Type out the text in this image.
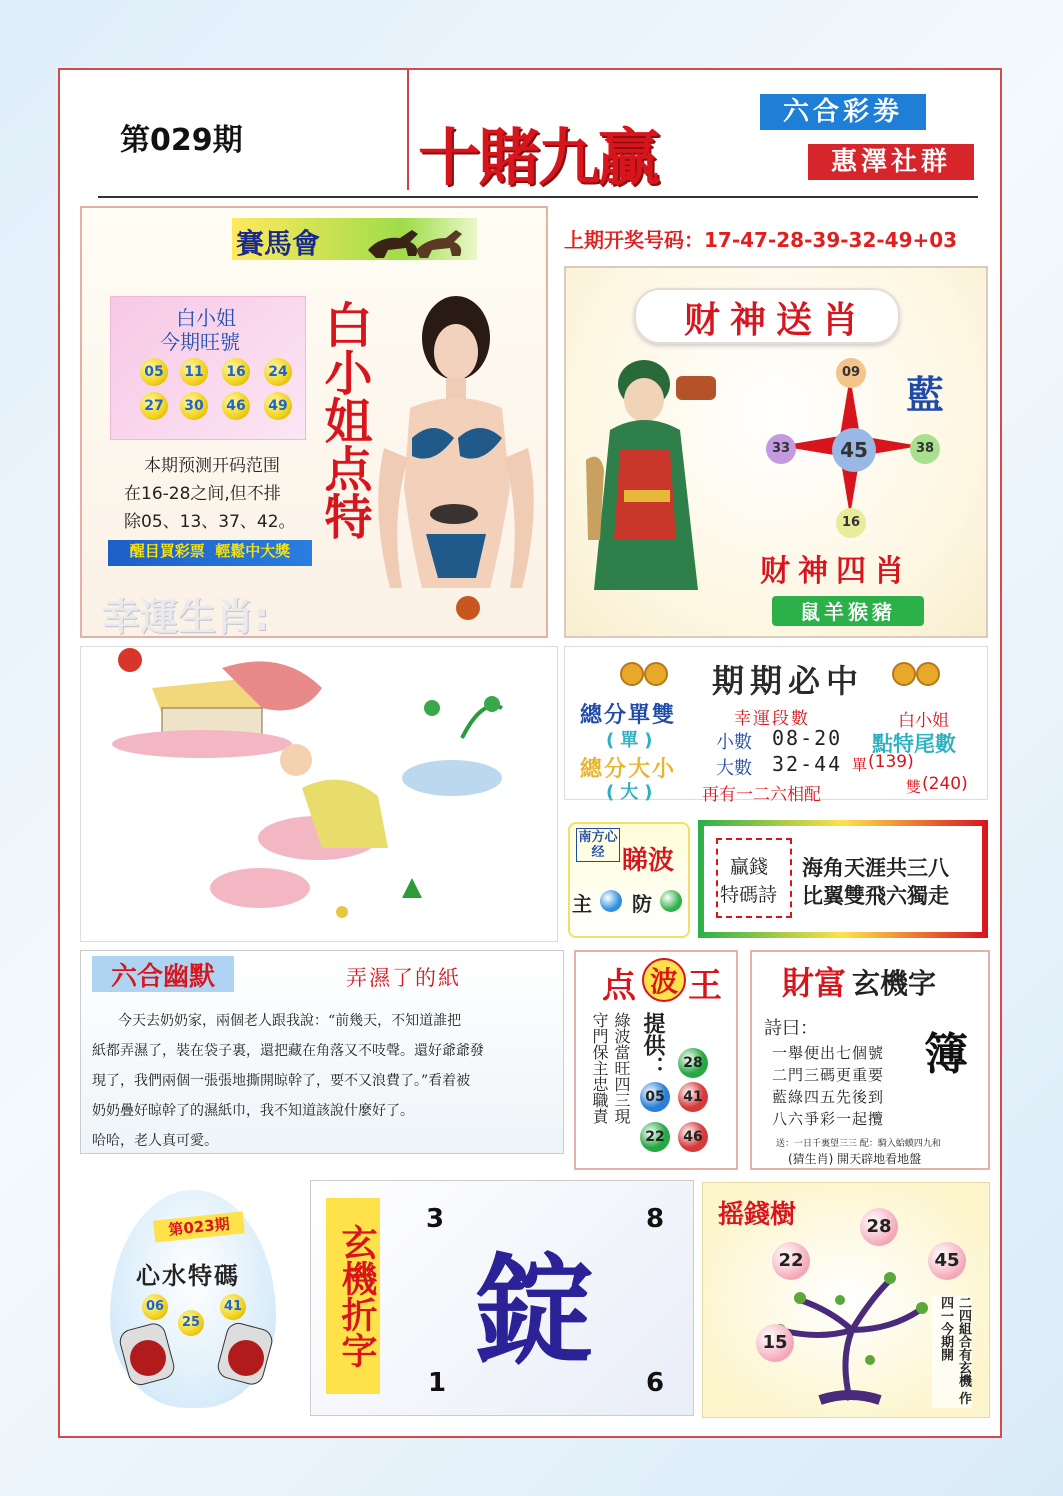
第029期	十賭九贏
六合彩劵
惠澤社群
賽馬會	上期开奖号码：17-47-28-39-32-49+03
白小姐
今期旺號
05	11	16	24
27	30	46	49 白小姐点特
本期预测开码范围
在16-28之间,但不排
除05、13、37、42。
醒目買彩票  輕鬆中大獎
幸運生肖:
财神送肖
09
33	45	38
16
藍
财神四肖
鼠羊猴豬
期期必中
總分單雙
(單)
總分大小
(大)
幸運段數
小數 08-20
大數 32-44
再有一二六相配
白小姐
點特尾數
單 (139)
雙 (240)
南方心经 睇波
主 防
贏錢
特碼詩
海角天涯共三八
比翼雙飛六獨走
六合幽默	弄濕了的紙
今天去奶奶家，兩個老人跟我說：“前幾天，不知道誰把
紙都弄濕了，裝在袋子裏，還把藏在角落又不吱聲。還好爺爺發
現了，我們兩個一張張地撕開晾幹了，要不又浪費了。”看着被
奶奶疊好晾幹了的濕紙巾，我不知道該說什麼好了。
哈哈，老人真可愛。
点 波 王
守門保主忠職責 綠波當旺四三現 提供：	28
41
46
05
22
財富 玄機字
詩曰：
簿
一舉便出七個號
二門三碼更重要
藍綠四五先後到
八六爭彩一起攬
送：一日千裏望三三 配：騎入蛤蟆四九和
(猜生肖) 開天辟地看地盤
第023期
心水特碼
06
25
41	玄機折字
3	8
1	6
錠
摇錢樹	28
22	45
15	二四組合有玄機 作四一今期開
